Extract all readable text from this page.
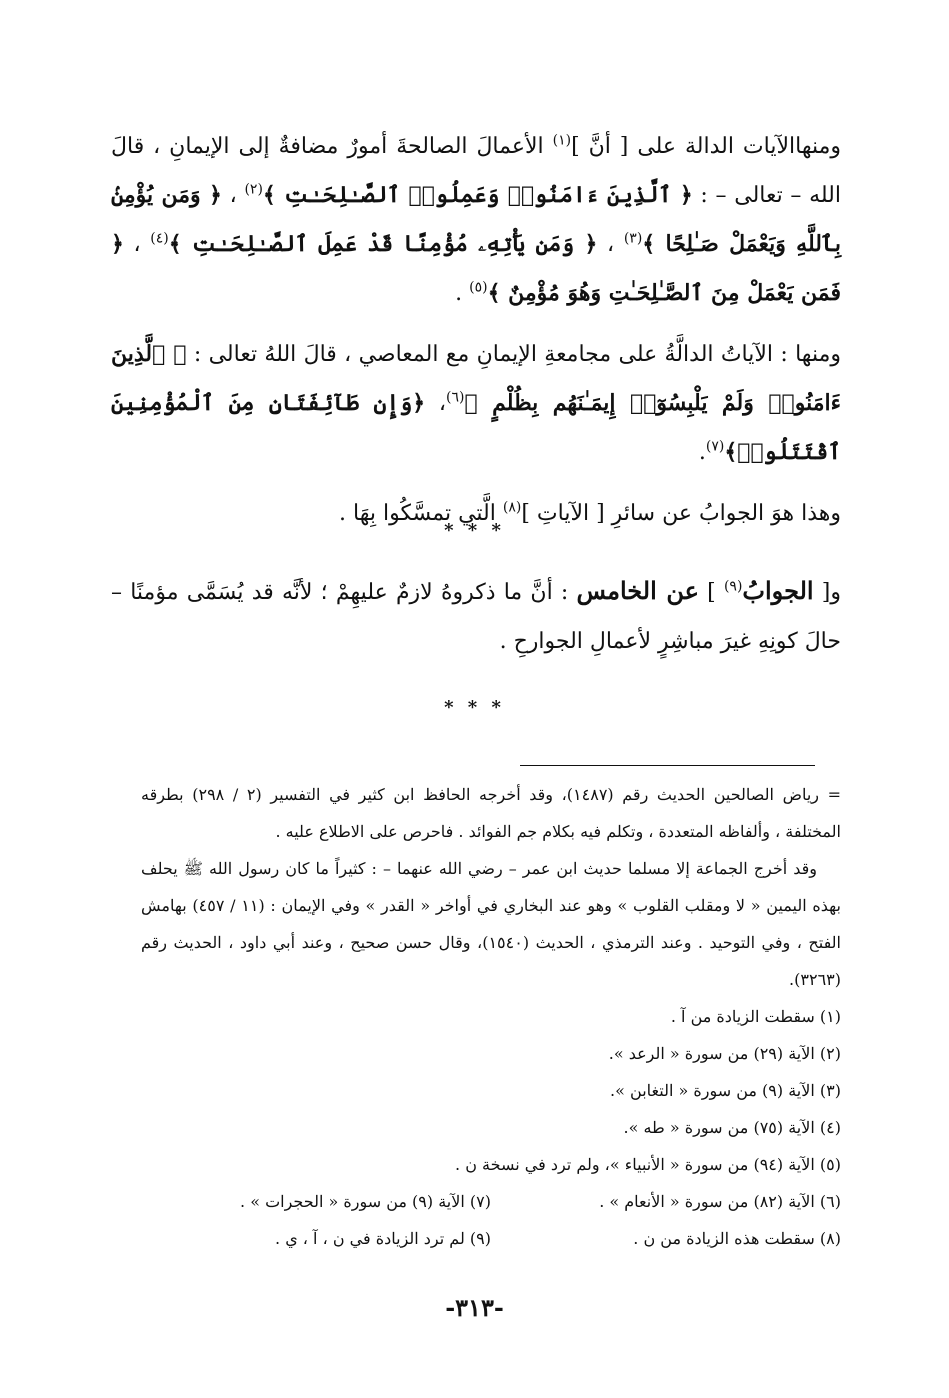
ومنهاالآيات الدالة على [ أنَّ ]$^{(١)}$ الأعمالَ الصالحةَ أمورٌ مضافةٌ إلى الإيمانِ ، قالَ الله – تعالى – : ﴿ ٱلَّذِينَ ءَامَنُوا۟ وَعَمِلُوا۟ ٱلصَّـٰلِحَـٰتِ ﴾$^{(٢)}$ ، ﴿ وَمَن يُؤْمِنۢ بِٱللَّهِ وَيَعْمَلْ صَـٰلِحًا ﴾$^{(٣)}$ ، ﴿ وَمَن يَأْتِهِۦ مُؤْمِنًا قَدْ عَمِلَ ٱلصَّـٰلِحَـٰتِ ﴾$^{(٤)}$ ، ﴿ فَمَن يَعْمَلْ مِنَ ٱلصَّـٰلِحَـٰتِ وَهُوَ مُؤْمِنٌ ﴾$^{(٥)}$ .

ومنها : الآياتُ الدالَّةُ على مجامعةِ الإيمانِ مع المعاصي ، قالَ اللهُ تعالى : ﴿ ٱلَّذِينَ ءَامَنُوا۟ وَلَمْ يَلْبِسُوٓا۟ إِيمَـٰنَهُم بِظُلْمٍ ﴾$^{(٦)}$، ﴿وَإِن طَآئِفَتَانِ مِنَ ٱلْمُؤْمِنِينَ ٱقْتَتَلُوا۟﴾$^{(٧)}$.

وهذا هوَ الجوابُ عن سائرِ [ الآياتِ ]$^{(٨)}$ الَّتي تمسَّكُوا بِهَا .

* * *

و[ الجوابُ$^{(٩)}$ ] عن الخامس : أنَّ ما ذكروهُ لازمٌ عليهِمْ ؛ لأنَّه قد يُسَمَّى مؤمنًا – حالَ كونِهِ غيرَ مباشِرٍ لأعمالِ الجوارحِ .

* * *

= رياض الصالحين الحديث رقم (١٤٨٧)، وقد أخرجه الحافظ ابن كثير في التفسير (٢ / ٢٩٨) بطرقه المختلفة ، وألفاظه المتعددة ، وتكلم فيه بكلام جم الفوائد . فاحرص على الاطلاع عليه .

وقد أخرج الجماعة إلا مسلما حديث ابن عمر – رضي الله عنهما – : كثيراً ما كان رسول الله ﷺ يحلف بهذه اليمين « لا ومقلب القلوب » وهو عند البخاري في أواخر « القدر » وفي الإيمان : (١١ / ٤٥٧) بهامش الفتح ، وفي التوحيد . وعند الترمذي ، الحديث (١٥٤٠)، وقال حسن صحيح ، وعند أبي داود ، الحديث رقم (٣٢٦٣).

(١) سقطت الزيادة من آ .
(٢) الآية (٢٩) من سورة « الرعد ».
(٣) الآية (٩) من سورة « التغابن ».
(٤) الآية (٧٥) من سورة « طه ».
(٥) الآية (٩٤) من سورة « الأنبياء »، ولم ترد في نسخة ن .
(٦) الآية (٨٢) من سورة « الأنعام » .
(٧) الآية (٩) من سورة « الحجرات » .
(٨) سقطت هذه الزيادة من ن .
(٩) لم ترد الزيادة في ن ، آ ، ي .
-٣١٣-
